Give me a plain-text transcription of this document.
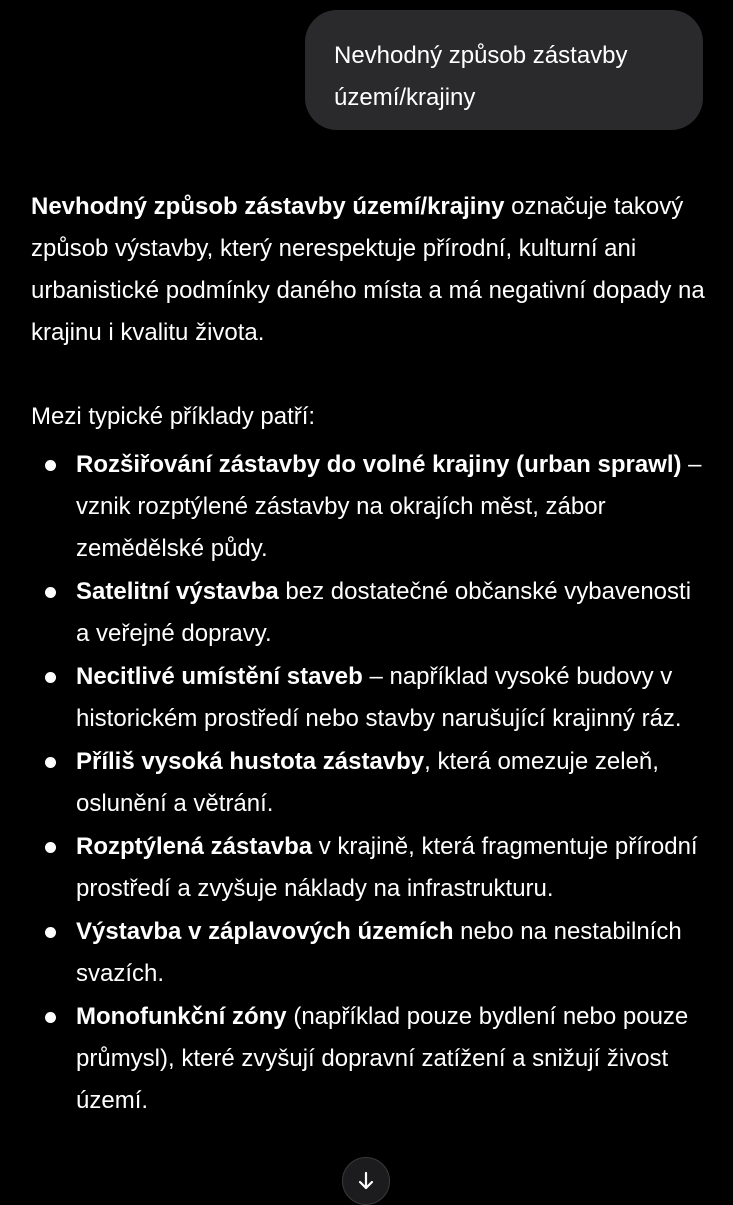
Nevhodný způsob zástavby území/krajiny

Nevhodný způsob zástavby území/krajiny označuje takový způsob výstavby, který nerespektuje přírodní, kulturní ani urbanistické podmínky daného místa a má negativní dopady na krajinu i kvalitu života.

Mezi typické příklady patří:

Rozšiřování zástavby do volné krajiny (urban sprawl) – vznik rozptýlené zástavby na okrajích měst, zábor zemědělské půdy.
Satelitní výstavba bez dostatečné občanské vybavenosti a veřejné dopravy.
Necitlivé umístění staveb – například vysoké budovy v historickém prostředí nebo stavby narušující krajinný ráz.
Příliš vysoká hustota zástavby, která omezuje zeleň, oslunění a větrání.
Rozptýlená zástavba v krajině, která fragmentuje přírodní prostředí a zvyšuje náklady na infrastrukturu.
Výstavba v záplavových územích nebo na nestabilních svazích.
Monofunkční zóny (například pouze bydlení nebo pouze průmysl), které zvyšují dopravní zatížení a snižují živost území.
